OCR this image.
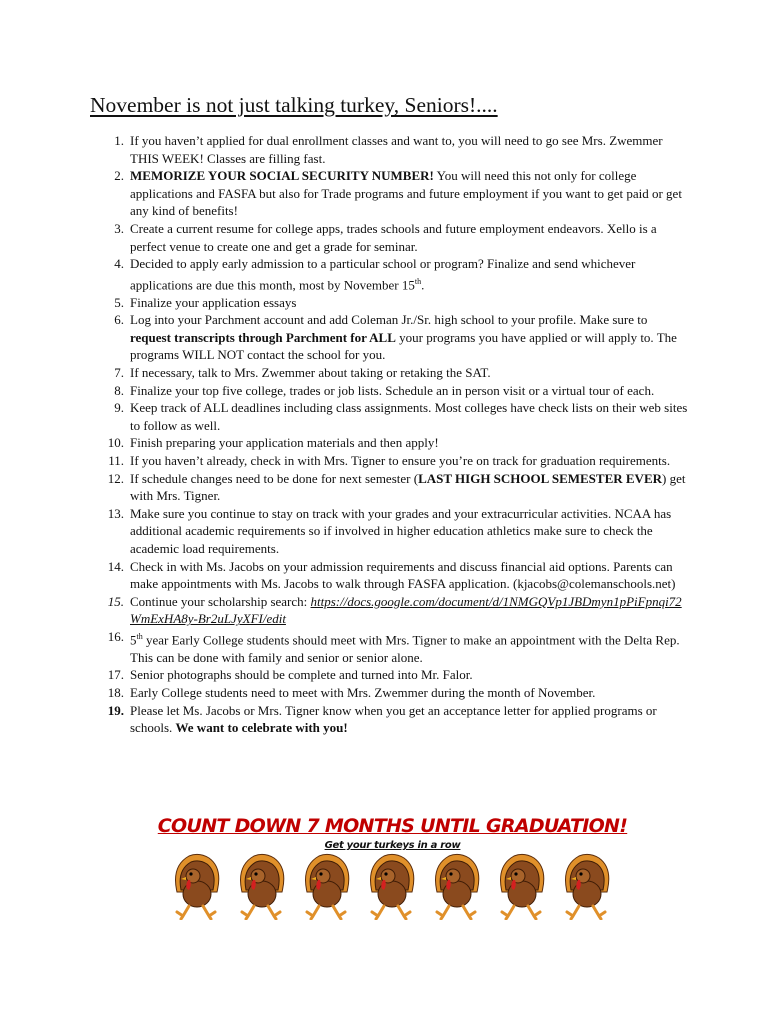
November is not just talking turkey, Seniors!....
1. If you haven’t applied for dual enrollment classes and want to, you will need to go see Mrs. Zwemmer THIS WEEK! Classes are filling fast.
2. MEMORIZE YOUR SOCIAL SECURITY NUMBER! You will need this not only for college applications and FASFA but also for Trade programs and future employment if you want to get paid or get any kind of benefits!
3. Create a current resume for college apps, trades schools and future employment endeavors. Xello is a perfect venue to create one and get a grade for seminar.
4. Decided to apply early admission to a particular school or program? Finalize and send whichever applications are due this month, most by November 15th.
5. Finalize your application essays
6. Log into your Parchment account and add Coleman Jr./Sr. high school to your profile. Make sure to request transcripts through Parchment for ALL your programs you have applied or will apply to. The programs WILL NOT contact the school for you.
7. If necessary, talk to Mrs. Zwemmer about taking or retaking the SAT.
8. Finalize your top five college, trades or job lists. Schedule an in person visit or a virtual tour of each.
9. Keep track of ALL deadlines including class assignments. Most colleges have check lists on their web sites to follow as well.
10. Finish preparing your application materials and then apply!
11. If you haven’t already, check in with Mrs. Tigner to ensure you’re on track for graduation requirements.
12. If schedule changes need to be done for next semester (LAST HIGH SCHOOL SEMESTER EVER) get with Mrs. Tigner.
13. Make sure you continue to stay on track with your grades and your extracurricular activities. NCAA has additional academic requirements so if involved in higher education athletics make sure to check the academic load requirements.
14. Check in with Ms. Jacobs on your admission requirements and discuss financial aid options. Parents can make appointments with Ms. Jacobs to walk through FASFA application. (kjacobs@colemanschools.net)
15. Continue your scholarship search: https://docs.google.com/document/d/1NMGQVp1JBDmyn1pPiFpnqi72WmExHA8y-Br2uLJyXFI/edit
16. 5th year Early College students should meet with Mrs. Tigner to make an appointment with the Delta Rep. This can be done with family and senior or senior alone.
17. Senior photographs should be complete and turned into Mr. Falor.
18. Early College students need to meet with Mrs. Zwemmer during the month of November.
19. Please let Ms. Jacobs or Mrs. Tigner know when you get an acceptance letter for applied programs or schools. We want to celebrate with you!
COUNT DOWN 7 MONTHS UNTIL GRADUATION!
Get your turkeys in a row
